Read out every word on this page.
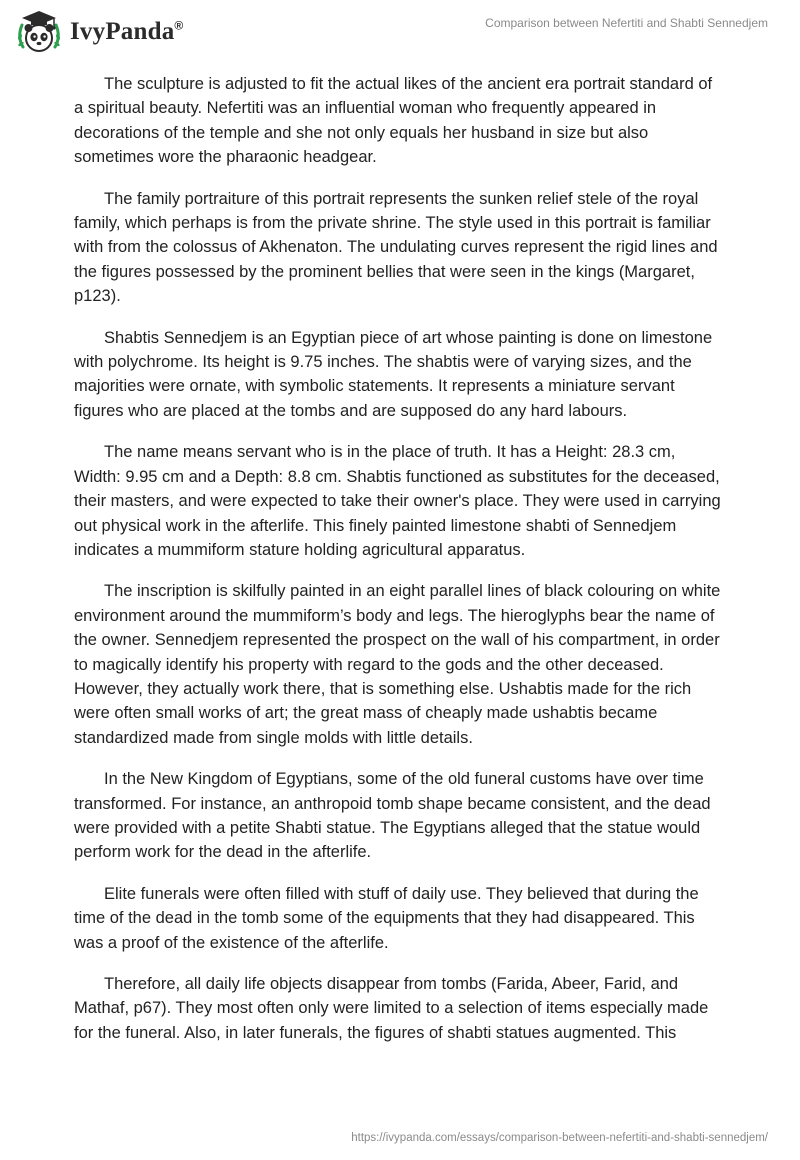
IvyPanda®	Comparison between Nefertiti and Shabti Sennedjem

The sculpture is adjusted to fit the actual likes of the ancient era portrait standard of a spiritual beauty. Nefertiti was an influential woman who frequently appeared in decorations of the temple and she not only equals her husband in size but also sometimes wore the pharaonic headgear.

The family portraiture of this portrait represents the sunken relief stele of the royal family, which perhaps is from the private shrine. The style used in this portrait is familiar with from the colossus of Akhenaton. The undulating curves represent the rigid lines and the figures possessed by the prominent bellies that were seen in the kings (Margaret, p123).

Shabtis Sennedjem is an Egyptian piece of art whose painting is done on limestone with polychrome. Its height is 9.75 inches. The shabtis were of varying sizes, and the majorities were ornate, with symbolic statements. It represents a miniature servant figures who are placed at the tombs and are supposed do any hard labours.

The name means servant who is in the place of truth. It has a Height: 28.3 cm, Width: 9.95 cm and a Depth: 8.8 cm. Shabtis functioned as substitutes for the deceased, their masters, and were expected to take their owner's place. They were used in carrying out physical work in the afterlife. This finely painted limestone shabti of Sennedjem indicates a mummiform stature holding agricultural apparatus.

The inscription is skilfully painted in an eight parallel lines of black colouring on white environment around the mummiform’s body and legs. The hieroglyphs bear the name of the owner. Sennedjem represented the prospect on the wall of his compartment, in order to magically identify his property with regard to the gods and the other deceased. However, they actually work there, that is something else. Ushabtis made for the rich were often small works of art; the great mass of cheaply made ushabtis became standardized made from single molds with little details.

In the New Kingdom of Egyptians, some of the old funeral customs have over time transformed. For instance, an anthropoid tomb shape became consistent, and the dead were provided with a petite Shabti statue. The Egyptians alleged that the statue would perform work for the dead in the afterlife.

Elite funerals were often filled with stuff of daily use. They believed that during the time of the dead in the tomb some of the equipments that they had disappeared. This was a proof of the existence of the afterlife.

Therefore, all daily life objects disappear from tombs (Farida, Abeer, Farid, and Mathaf, p67). They most often only were limited to a selection of items especially made for the funeral. Also, in later funerals, the figures of shabti statues augmented. This

https://ivypanda.com/essays/comparison-between-nefertiti-and-shabti-sennedjem/
